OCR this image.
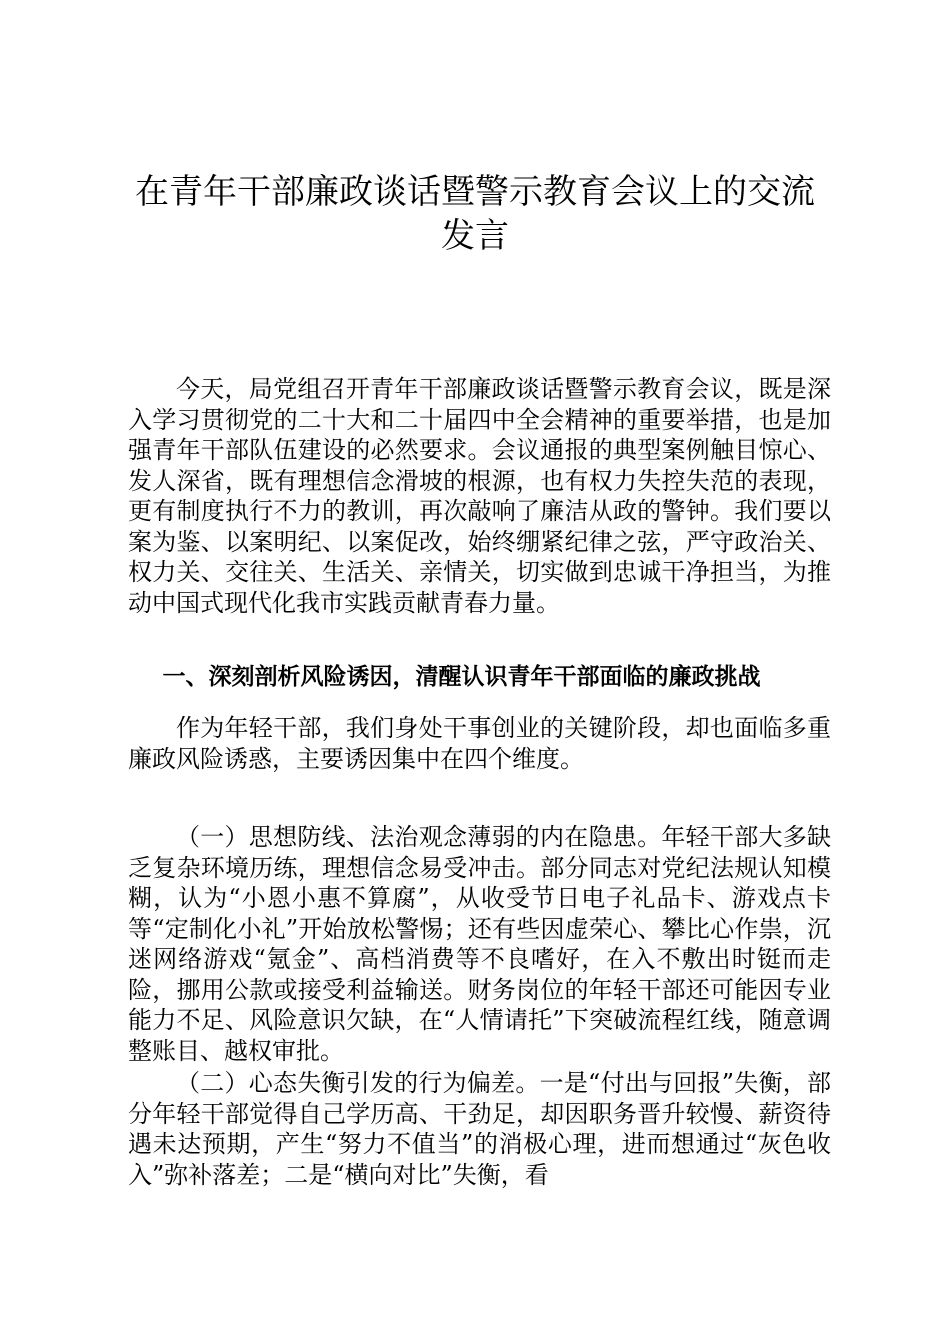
在青年干部廉政谈话暨警示教育会议上的交流发言

今天，局党组召开青年干部廉政谈话暨警示教育会议，既是深入学习贯彻党的二十大和二十届四中全会精神的重要举措，也是加强青年干部队伍建设的必然要求。会议通报的典型案例触目惊心、发人深省，既有理想信念滑坡的根源，也有权力失控失范的表现，更有制度执行不力的教训，再次敲响了廉洁从政的警钟。我们要以案为鉴、以案明纪、以案促改，始终绷紧纪律之弦，严守政治关、权力关、交往关、生活关、亲情关，切实做到忠诚干净担当，为推动中国式现代化我市实践贡献青春力量。

一、深刻剖析风险诱因，清醒认识青年干部面临的廉政挑战

作为年轻干部，我们身处干事创业的关键阶段，却也面临多重廉政风险诱惑，主要诱因集中在四个维度。

（一）思想防线、法治观念薄弱的内在隐患。年轻干部大多缺乏复杂环境历练，理想信念易受冲击。部分同志对党纪法规认知模糊，认为“小恩小惠不算腐”，从收受节日电子礼品卡、游戏点卡等“定制化小礼”开始放松警惕；还有些因虚荣心、攀比心作祟，沉迷网络游戏“氪金”、高档消费等不良嗜好，在入不敷出时铤而走险，挪用公款或接受利益输送。财务岗位的年轻干部还可能因专业能力不足、风险意识欠缺，在“人情请托”下突破流程红线，随意调整账目、越权审批。

（二）心态失衡引发的行为偏差。一是“付出与回报”失衡，部分年轻干部觉得自己学历高、干劲足，却因职务晋升较慢、薪资待遇未达预期，产生“努力不值当”的消极心理，进而想通过“灰色收入”弥补落差；二是“横向对比”失衡，看
